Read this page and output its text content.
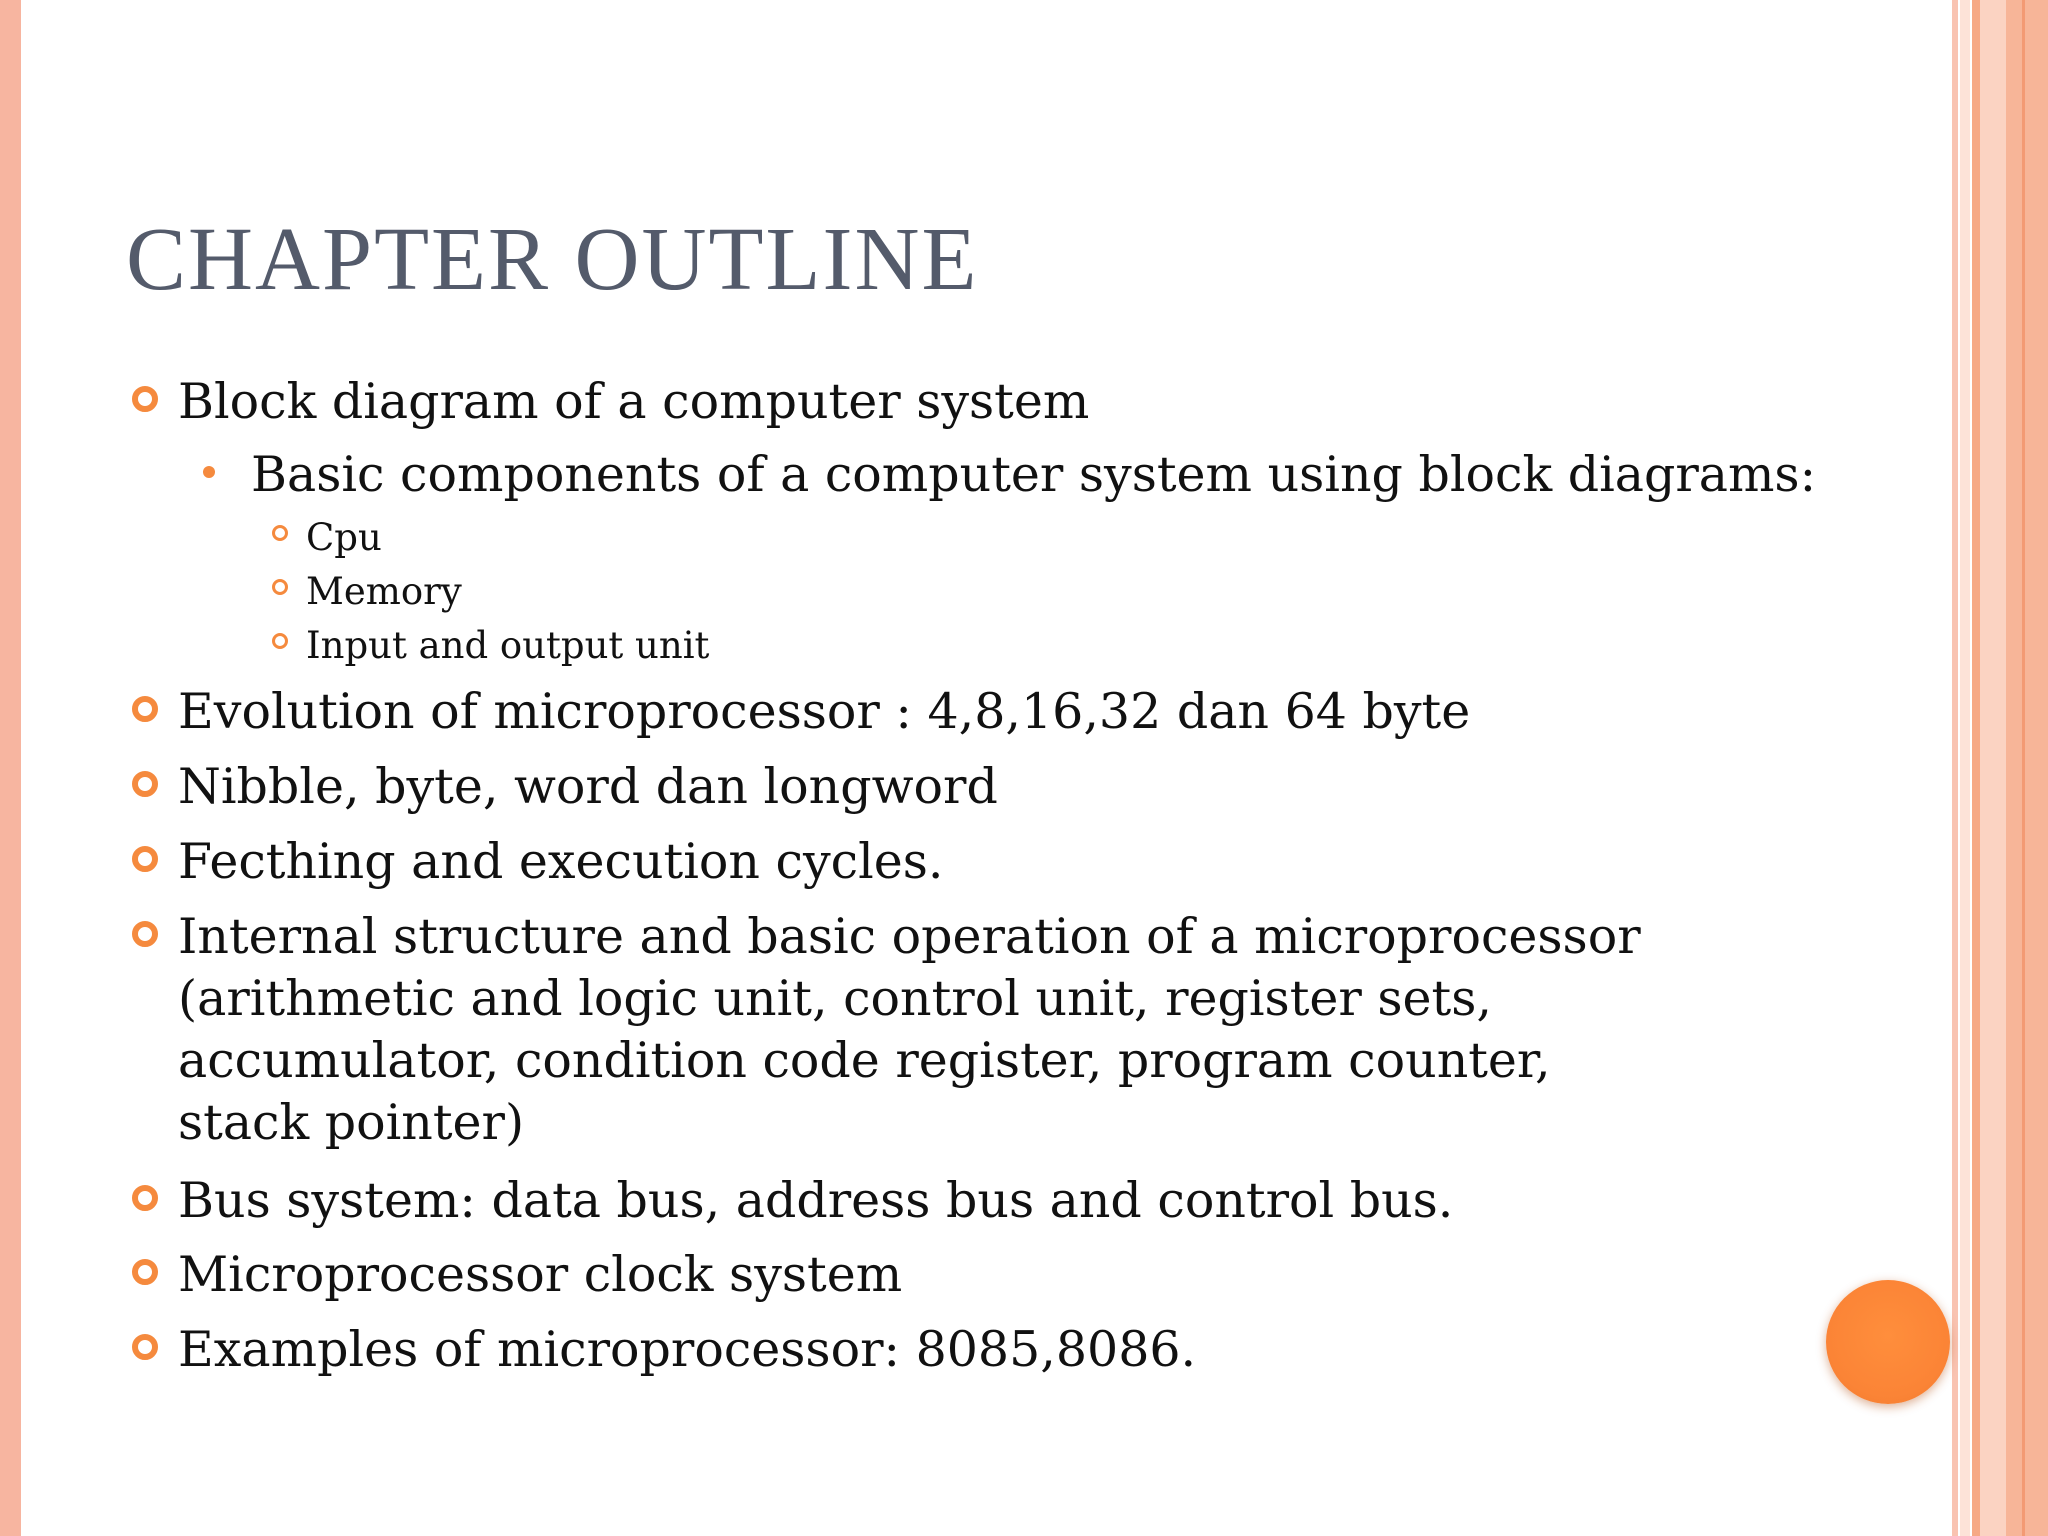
CHAPTER OUTLINE
Block diagram of a computer system
Basic components of a computer system using block diagrams:
Cpu
Memory
Input and output unit
Evolution of microprocessor : 4,8,16,32 dan 64 byte
Nibble, byte, word dan longword
Fecthing and execution cycles.
Internal structure and basic operation of a microprocessor (arithmetic and logic unit, control unit, register sets, accumulator, condition code register, program counter, stack pointer)
Bus system: data bus, address bus and control bus.
Microprocessor clock system
Examples of microprocessor: 8085,8086.
